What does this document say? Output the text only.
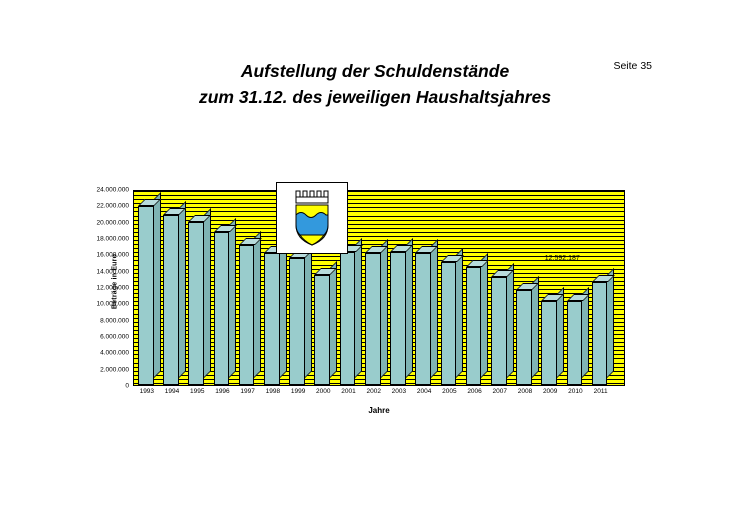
Seite 35
Aufstellung der Schuldenstände
zum 31.12. des jeweiligen Haushaltsjahres
Beträge in Euro
24.000.000
22.000.000
20.000.000
18.000.000
16.000.000
14.000.000
12.000.000
10.000.000
8.000.000
6.000.000
4.000.000
2.000.000
0
1993 1994 1995 1996 1997 1998 1999 2000 2001 2002 2003 2004 2005 2006 2007 2008 2009 2010 2011
Jahre
12.592.187
